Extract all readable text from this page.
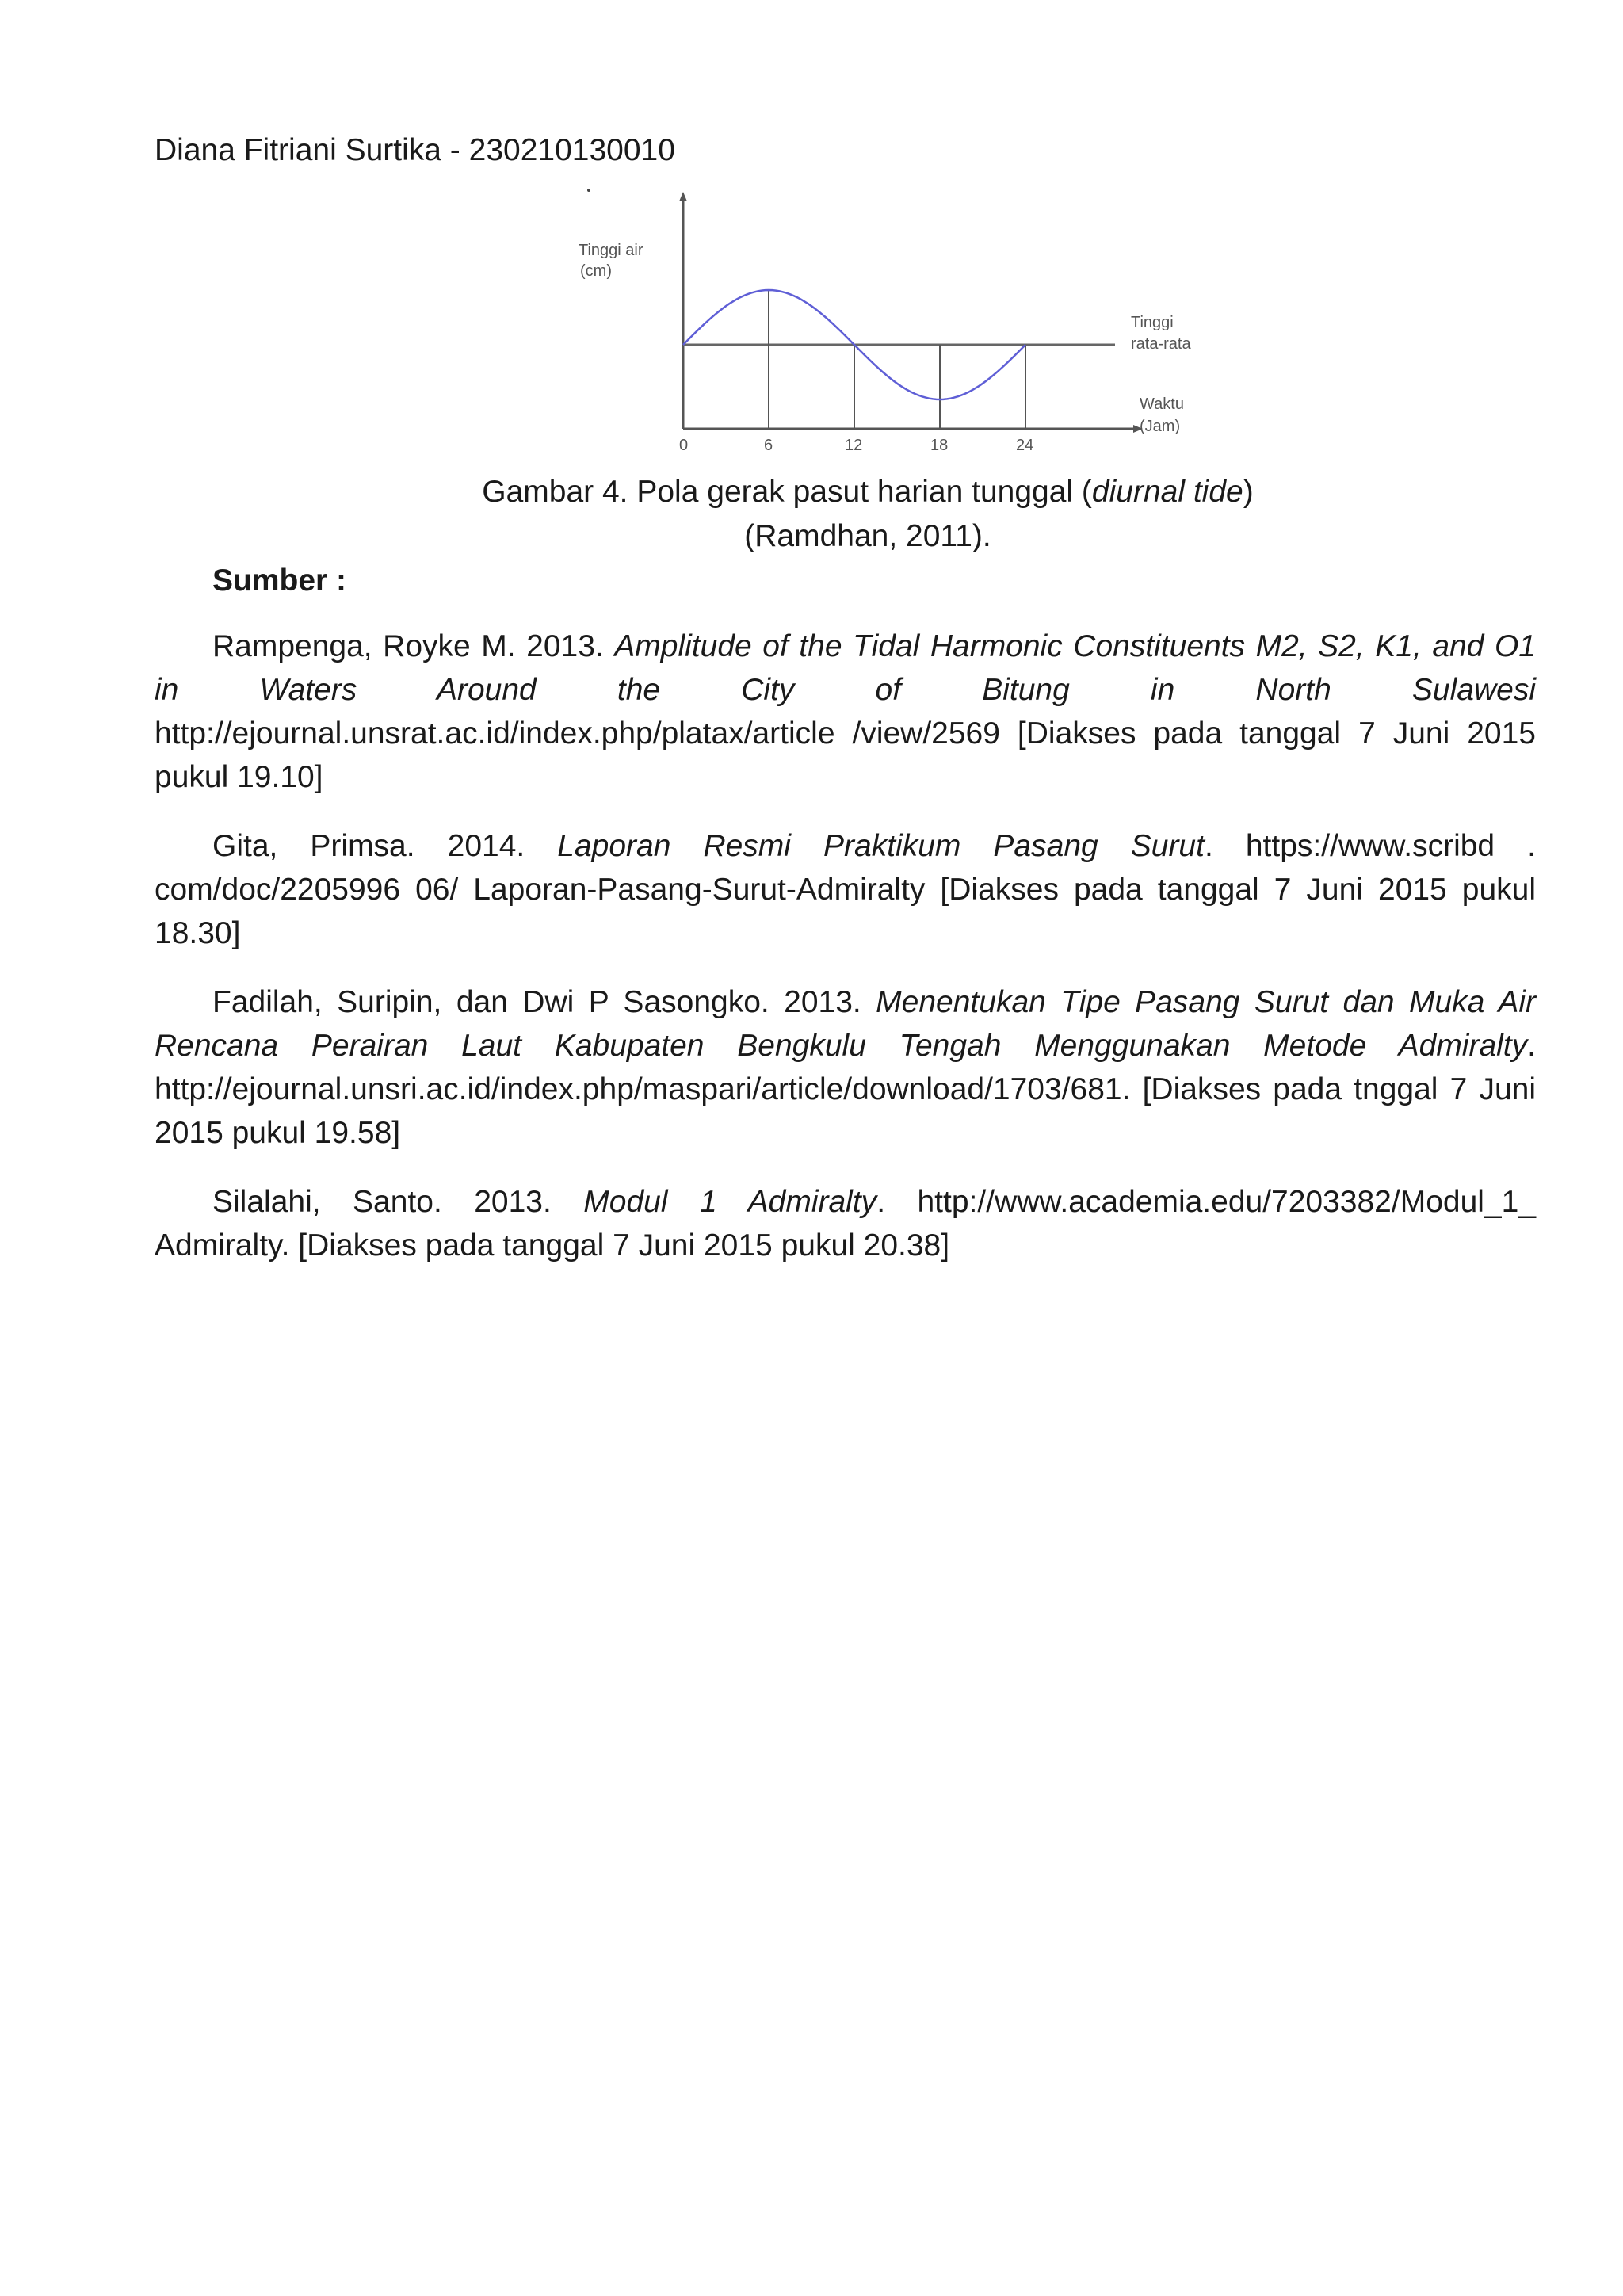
Diana Fitriani Surtika - 230210130010

Tinggi air
(cm)
Tinggi
rata-rata
Waktu
(Jam)
0	6	12	18	24

Gambar 4. Pola gerak pasut harian tunggal (diurnal tide)

(Ramdhan, 2011).

Sumber :

Rampenga, Royke M. 2013. Amplitude of the Tidal Harmonic Constituents M2, S2, K1, and O1 in Waters Around the City of Bitung in North Sulawesi http://ejournal.unsrat.ac.id/index.php/platax/article /view/2569 [Diakses pada tanggal 7 Juni 2015 pukul 19.10]

Gita, Primsa. 2014. Laporan Resmi Praktikum Pasang Surut. https://www.scribd . com/doc/2205996 06/ Laporan-Pasang-Surut-Admiralty [Diakses pada tanggal 7 Juni 2015 pukul 18.30]

Fadilah, Suripin, dan Dwi P Sasongko. 2013. Menentukan Tipe Pasang Surut dan Muka Air Rencana Perairan Laut Kabupaten Bengkulu Tengah Menggunakan Metode Admiralty. http://ejournal.unsri.ac.id/index.php/maspari/article/download/1703/681. [Diakses pada tnggal 7 Juni 2015 pukul 19.58]

Silalahi, Santo. 2013. Modul 1 Admiralty. http://www.academia.edu/7203382/Modul_1_ Admiralty. [Diakses pada tanggal 7 Juni 2015 pukul 20.38]
